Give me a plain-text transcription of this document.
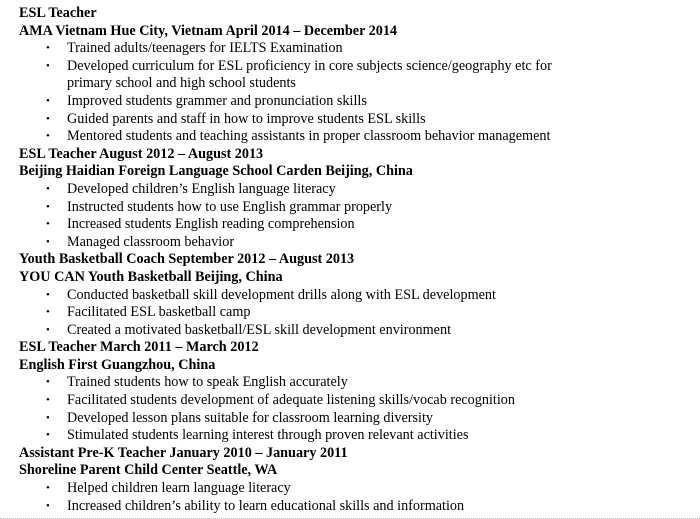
ESL Teacher
AMA Vietnam Hue City, Vietnam April 2014 – December 2014
• Trained adults/teenagers for IELTS Examination
• Developed curriculum for ESL proficiency in core subjects science/geography etc for primary school and high school students
• Improved students grammer and pronunciation skills
• Guided parents and staff in how to improve students ESL skills
• Mentored students and teaching assistants in proper classroom behavior management
ESL Teacher August 2012 – August 2013
Beijing Haidian Foreign Language School Carden Beijing, China
• Developed children’s English language literacy
• Instructed students how to use English grammar properly
• Increased students English reading comprehension
• Managed classroom behavior
Youth Basketball Coach September 2012 – August 2013
YOU CAN Youth Basketball Beijing, China
• Conducted basketball skill development drills along with ESL development
• Facilitated ESL basketball camp
• Created a motivated basketball/ESL skill development environment
ESL Teacher March 2011 – March 2012
English First Guangzhou, China
• Trained students how to speak English accurately
• Facilitated students development of adequate listening skills/vocab recognition
• Developed lesson plans suitable for classroom learning diversity
• Stimulated students learning interest through proven relevant activities
Assistant Pre-K Teacher January 2010 – January 2011
Shoreline Parent Child Center Seattle, WA
• Helped children learn language literacy
• Increased children’s ability to learn educational skills and information
